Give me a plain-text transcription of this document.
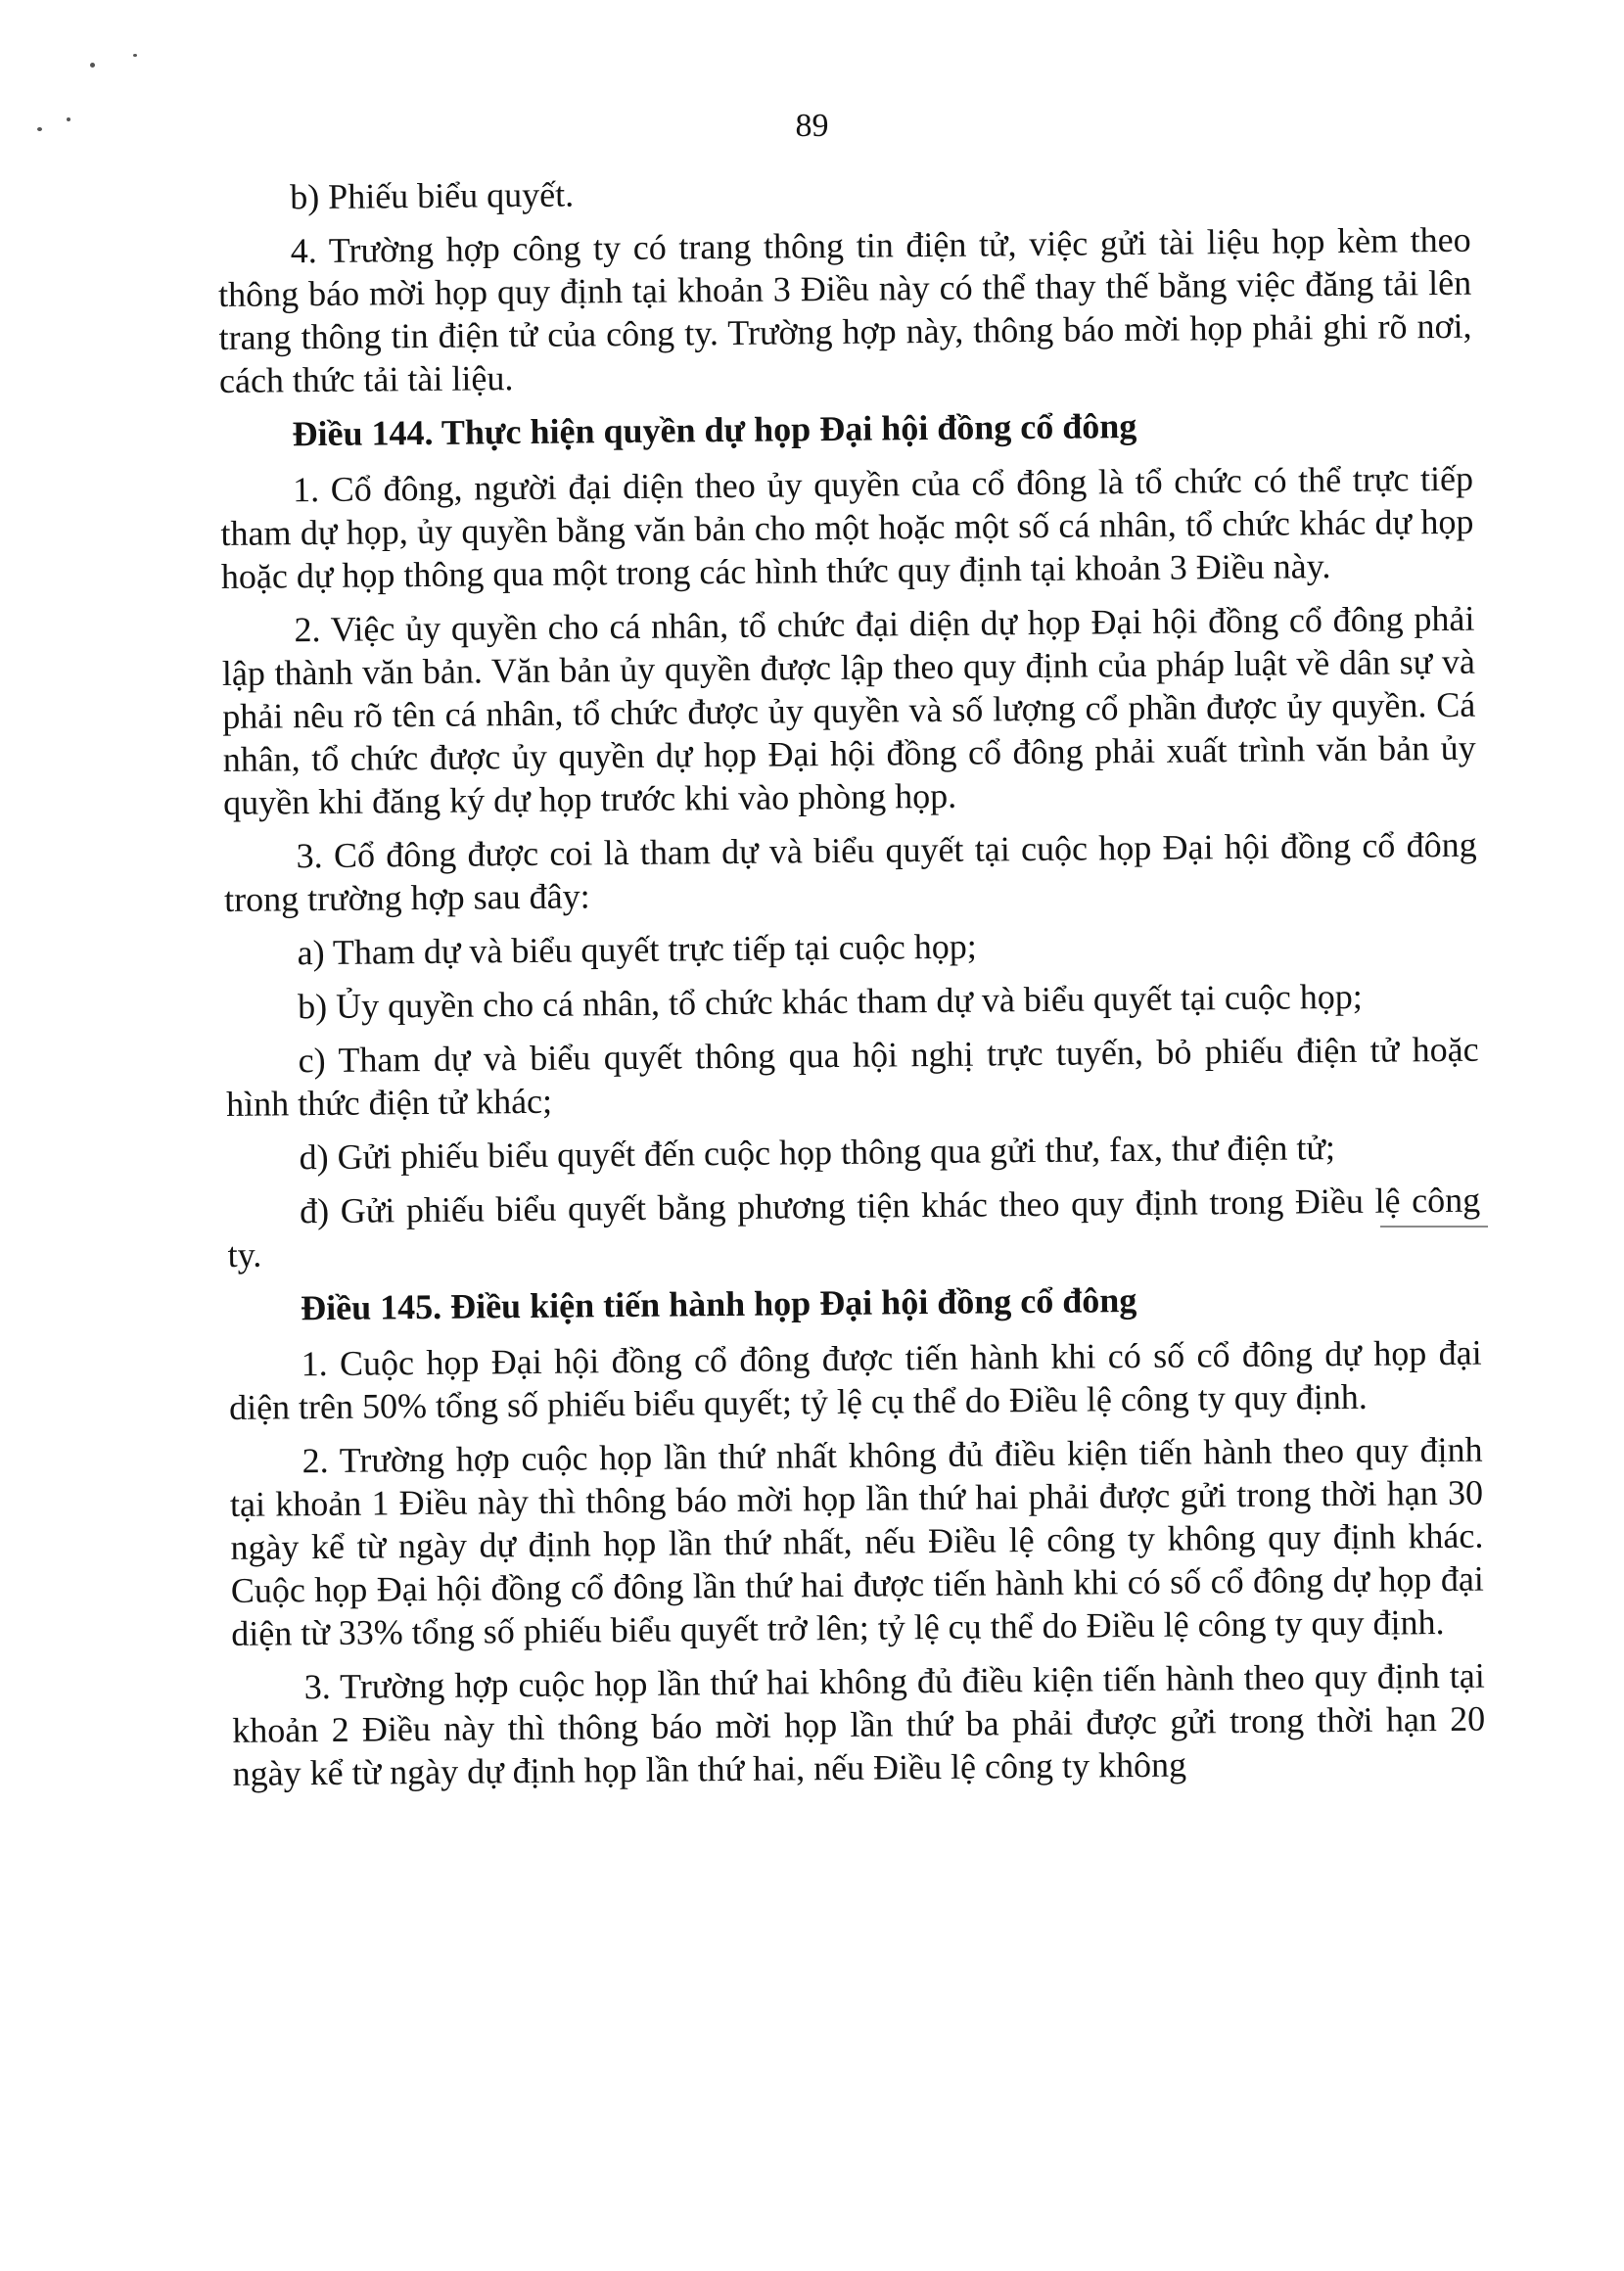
89

b) Phiếu biểu quyết.

4. Trường hợp công ty có trang thông tin điện tử, việc gửi tài liệu họp kèm theo thông báo mời họp quy định tại khoản 3 Điều này có thể thay thế bằng việc đăng tải lên trang thông tin điện tử của công ty. Trường hợp này, thông báo mời họp phải ghi rõ nơi, cách thức tải tài liệu.

Điều 144. Thực hiện quyền dự họp Đại hội đồng cổ đông

1. Cổ đông, người đại diện theo ủy quyền của cổ đông là tổ chức có thể trực tiếp tham dự họp, ủy quyền bằng văn bản cho một hoặc một số cá nhân, tổ chức khác dự họp hoặc dự họp thông qua một trong các hình thức quy định tại khoản 3 Điều này.

2. Việc ủy quyền cho cá nhân, tổ chức đại diện dự họp Đại hội đồng cổ đông phải lập thành văn bản. Văn bản ủy quyền được lập theo quy định của pháp luật về dân sự và phải nêu rõ tên cá nhân, tổ chức được ủy quyền và số lượng cổ phần được ủy quyền. Cá nhân, tổ chức được ủy quyền dự họp Đại hội đồng cổ đông phải xuất trình văn bản ủy quyền khi đăng ký dự họp trước khi vào phòng họp.

3. Cổ đông được coi là tham dự và biểu quyết tại cuộc họp Đại hội đồng cổ đông trong trường hợp sau đây:

a) Tham dự và biểu quyết trực tiếp tại cuộc họp;

b) Ủy quyền cho cá nhân, tổ chức khác tham dự và biểu quyết tại cuộc họp;

c) Tham dự và biểu quyết thông qua hội nghị trực tuyến, bỏ phiếu điện tử hoặc hình thức điện tử khác;

d) Gửi phiếu biểu quyết đến cuộc họp thông qua gửi thư, fax, thư điện tử;

đ) Gửi phiếu biểu quyết bằng phương tiện khác theo quy định trong Điều lệ công ty.

Điều 145. Điều kiện tiến hành họp Đại hội đồng cổ đông

1. Cuộc họp Đại hội đồng cổ đông được tiến hành khi có số cổ đông dự họp đại diện trên 50% tổng số phiếu biểu quyết; tỷ lệ cụ thể do Điều lệ công ty quy định.

2. Trường hợp cuộc họp lần thứ nhất không đủ điều kiện tiến hành theo quy định tại khoản 1 Điều này thì thông báo mời họp lần thứ hai phải được gửi trong thời hạn 30 ngày kể từ ngày dự định họp lần thứ nhất, nếu Điều lệ công ty không quy định khác. Cuộc họp Đại hội đồng cổ đông lần thứ hai được tiến hành khi có số cổ đông dự họp đại diện từ 33% tổng số phiếu biểu quyết trở lên; tỷ lệ cụ thể do Điều lệ công ty quy định.

3. Trường hợp cuộc họp lần thứ hai không đủ điều kiện tiến hành theo quy định tại khoản 2 Điều này thì thông báo mời họp lần thứ ba phải được gửi trong thời hạn 20 ngày kể từ ngày dự định họp lần thứ hai, nếu Điều lệ công ty không
